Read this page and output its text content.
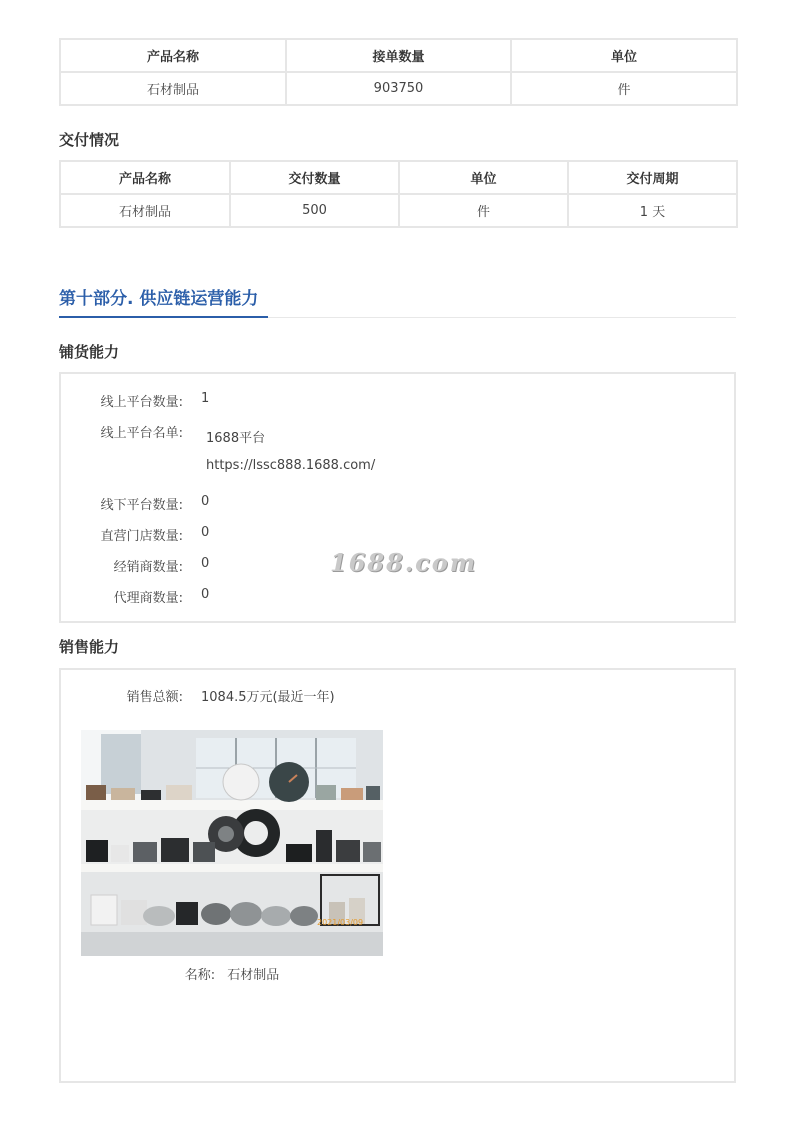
产品名称	接单数量	单位
石材制品	903750	件
交付情况
产品名称	交付数量	单位	交付周期
石材制品	500	件	1 天
第十部分. 供应链运营能力
铺货能力
线上平台数量: 1
线上平台名单: 1688平台
https://lssc888.1688.com/
线下平台数量: 0
直营门店数量: 0
经销商数量: 0
代理商数量: 0
1688.com
销售能力
销售总额: 1084.5万元(最近一年)
2021/03/09
名称: 石材制品
